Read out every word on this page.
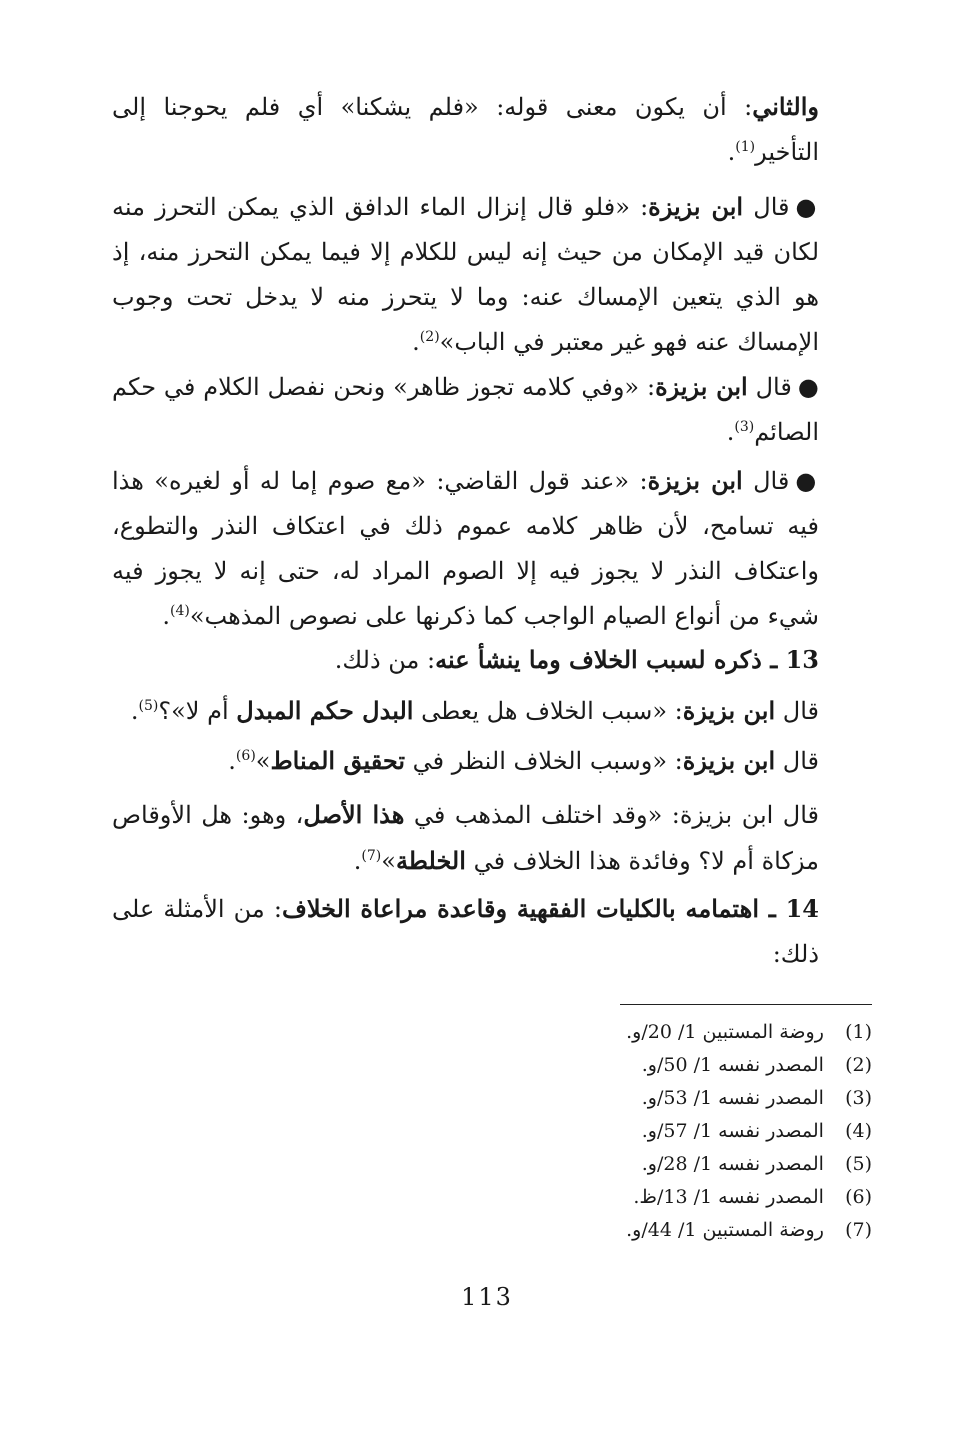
والثاني: أن يكون معنى قوله: «فلم يشكنا» أي فلم يحوجنا إلى التأخير$^{(1)}$.

●قال ابن بزيزة: «فلو قال إنزال الماء الدافق الذي يمكن التحرز منه لكان قيد الإمكان من حيث إنه ليس للكلام إلا فيما يمكن التحرز منه، إذ هو الذي يتعين الإمساك عنه: وما لا يتحرز منه لا يدخل تحت وجوب الإمساك عنه فهو غير معتبر في الباب»$^{(2)}$.

●قال ابن بزيزة: «وفي كلامه تجوز ظاهر» ونحن نفصل الكلام في حكم الصائم$^{(3)}$.

●قال ابن بزيزة: «عند قول القاضي: «مع صوم إما له أو لغيره» هذا فيه تسامح، لأن ظاهر كلامه عموم ذلك في اعتكاف النذر والتطوع، واعتكاف النذر لا يجوز فيه إلا الصوم المراد له، حتى إنه لا يجوز فيه شيء من أنواع الصيام الواجب كما ذكرنها على نصوص المذهب»$^{(4)}$.

13 ـ ذكره لسبب الخلاف وما ينشأ عنه: من ذلك.
قال ابن بزيزة: «سبب الخلاف هل يعطى البدل حكم المبدل أم لا»؟$^{(5)}$.
قال ابن بزيزة: «وسبب الخلاف النظر في تحقيق المناط»$^{(6)}$.

قال ابن بزيزة: «وقد اختلف المذهب في هذا الأصل، وهو: هل الأوقاص مزكاة أم لا؟ وفائدة هذا الخلاف في الخلطة»$^{(7)}$.

14 ـ اهتمامه بالكليات الفقهية وقاعدة مراعاة الخلاف: من الأمثلة على ذلك:

(1)  روضة المستبين 1/ 20/و.
(2)  المصدر نفسه 1/ 50/و.
(3)  المصدر نفسه 1/ 53/و.
(4)  المصدر نفسه 1/ 57/و.
(5)  المصدر نفسه 1/ 28/و.
(6)  المصدر نفسه 1/ 13/ظ.
(7)  روضة المستبين 1/ 44/و.
113
